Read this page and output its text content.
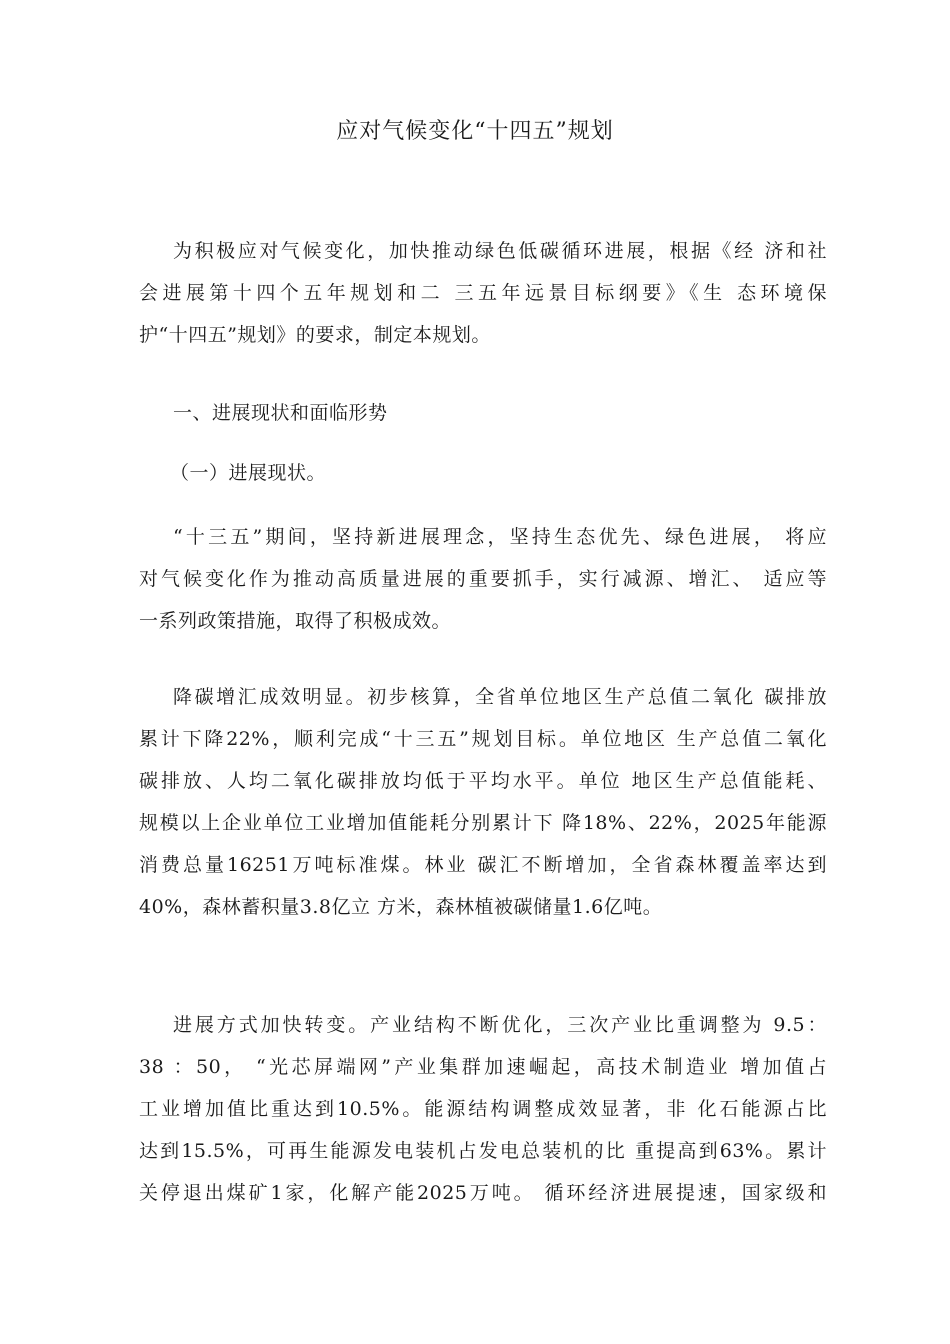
应对气候变化“十四五”规划

为积极应对气候变化，加快推动绿色低碳循环进展，根据《经 济和社
会进展第十四个五年规划和二 三五年远景目标纲要》《生 态环境保
护“十四五”规划》的要求，制定本规划。

一、进展现状和面临形势

（一）进展现状。

“十三五”期间，坚持新进展理念，坚持生态优先、绿色进展， 将应
对气候变化作为推动高质量进展的重要抓手，实行减源、增汇、 适应等
一系列政策措施，取得了积极成效。

降碳增汇成效明显。初步核算，全省单位地区生产总值二氧化 碳排放
累计下降22%，顺利完成“十三五”规划目标。单位地区 生产总值二氧化
碳排放、人均二氧化碳排放均低于平均水平。单位 地区生产总值能耗、
规模以上企业单位工业增加值能耗分别累计下 降18%、22%，2025年能源
消费总量16251万吨标准煤。林业 碳汇不断增加，全省森林覆盖率达到
40%，森林蓄积量3.8亿立 方米，森林植被碳储量1.6亿吨。

进展方式加快转变。产业结构不断优化，三次产业比重调整为 9.5：
38 ：50， “光芯屏端网”产业集群加速崛起，高技术制造业 增加值占
工业增加值比重达到10.5%。能源结构调整成效显著，非 化石能源占比
达到15.5%，可再生能源发电装机占发电总装机的比 重提高到63%。累计
关停退出煤矿1家，化解产能2025万吨。 循环经济进展提速，国家级和
